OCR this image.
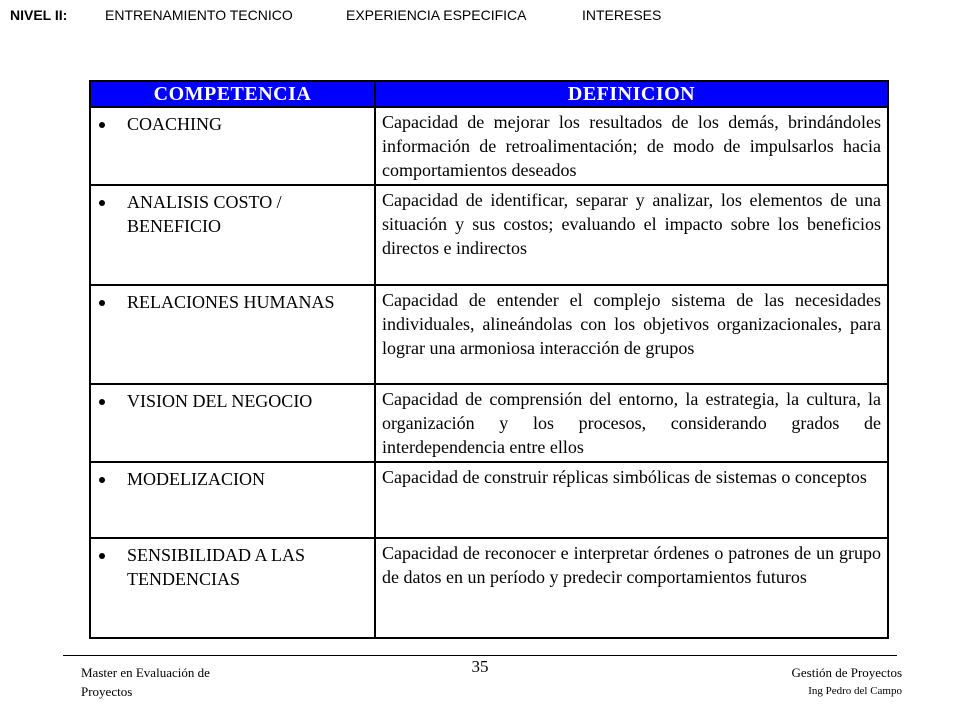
NIVEL II:	ENTRENAMIENTO TECNICO	EXPERIENCIA ESPECIFICA	INTERESES
COMPETENCIA	DEFINICION

COACHING	Capacidad de mejorar los resultados de los demás, brindándoles información de retroalimentación; de modo de impulsarlos hacia comportamientos deseados

ANALISIS COSTO / BENEFICIO	Capacidad de identificar, separar y analizar, los elementos de una situación y sus costos; evaluando el impacto sobre los beneficios directos e indirectos

RELACIONES HUMANAS	Capacidad de entender el complejo sistema de las necesidades individuales, alineándolas con los objetivos organizacionales, para lograr una armoniosa interacción de grupos

VISION DEL NEGOCIO	Capacidad de comprensión del entorno, la estrategia, la cultura, la organización y los procesos, considerando grados de interdependencia entre ellos

MODELIZACION	Capacidad de construir réplicas simbólicas de sistemas o conceptos

SENSIBILIDAD A LAS TENDENCIAS	Capacidad de reconocer e interpretar órdenes o patrones de un grupo de datos en un período y predecir comportamientos futuros
Master en Evaluación de Proyectos
35	Gestión de Proyectos
Ing Pedro del Campo
